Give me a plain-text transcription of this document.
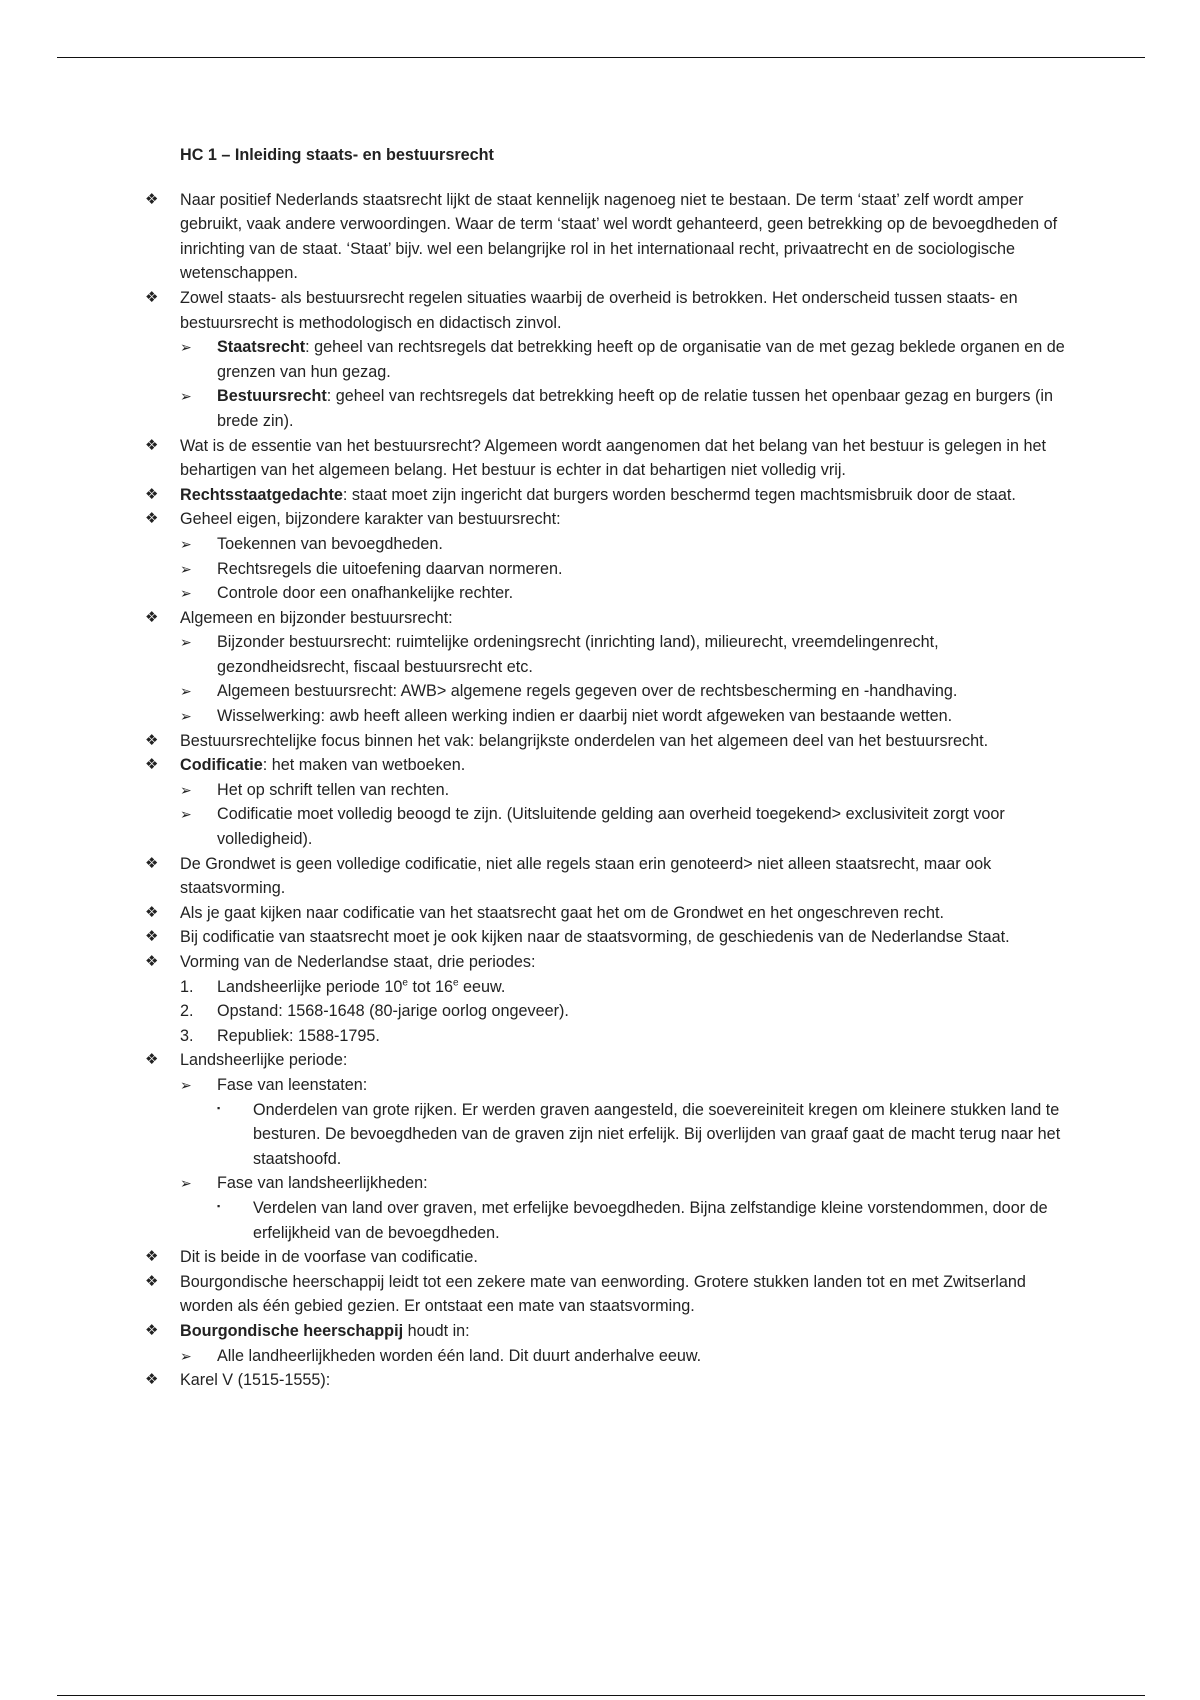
HC 1 – Inleiding staats- en bestuursrecht
❖	Naar positief Nederlands staatsrecht lijkt de staat kennelijk nagenoeg niet te bestaan. De term ‘staat’ zelf wordt amper gebruikt, vaak andere verwoordingen. Waar de term ‘staat’ wel wordt gehanteerd, geen betrekking op de bevoegdheden of inrichting van de staat. ‘Staat’ bijv. wel een belangrijke rol in het internationaal recht, privaatrecht en de sociologische wetenschappen.
❖	Zowel staats- als bestuursrecht regelen situaties waarbij de overheid is betrokken. Het onderscheid tussen staats- en bestuursrecht is methodologisch en didactisch zinvol.
➢	Staatsrecht: geheel van rechtsregels dat betrekking heeft op de organisatie van de met gezag beklede organen en de grenzen van hun gezag.
➢	Bestuursrecht: geheel van rechtsregels dat betrekking heeft op de relatie tussen het openbaar gezag en burgers (in brede zin).
❖	Wat is de essentie van het bestuursrecht? Algemeen wordt aangenomen dat het belang van het bestuur is gelegen in het behartigen van het algemeen belang. Het bestuur is echter in dat behartigen niet volledig vrij.
❖	Rechtsstaatgedachte: staat moet zijn ingericht dat burgers worden beschermd tegen machtsmisbruik door de staat.
❖	Geheel eigen, bijzondere karakter van bestuursrecht:
➢	Toekennen van bevoegdheden.
➢	Rechtsregels die uitoefening daarvan normeren.
➢	Controle door een onafhankelijke rechter.
❖	Algemeen en bijzonder bestuursrecht:
➢	Bijzonder bestuursrecht: ruimtelijke ordeningsrecht (inrichting land), milieurecht, vreemdelingenrecht, gezondheidsrecht, fiscaal bestuursrecht etc.
➢	Algemeen bestuursrecht: AWB> algemene regels gegeven over de rechtsbescherming en -handhaving.
➢	Wisselwerking: awb heeft alleen werking indien er daarbij niet wordt afgeweken van bestaande wetten.
❖	Bestuursrechtelijke focus binnen het vak: belangrijkste onderdelen van het algemeen deel van het bestuursrecht.
❖	Codificatie: het maken van wetboeken.
➢	Het op schrift tellen van rechten.
➢	Codificatie moet volledig beoogd te zijn. (Uitsluitende gelding aan overheid toegekend> exclusiviteit zorgt voor volledigheid).
❖	De Grondwet is geen volledige codificatie, niet alle regels staan erin genoteerd> niet alleen staatsrecht, maar ook staatsvorming.
❖	Als je gaat kijken naar codificatie van het staatsrecht gaat het om de Grondwet en het ongeschreven recht.
❖	Bij codificatie van staatsrecht moet je ook kijken naar de staatsvorming, de geschiedenis van de Nederlandse Staat.
❖	Vorming van de Nederlandse staat, drie periodes:
1.	Landsheerlijke periode 10e tot 16e eeuw.
2.	Opstand: 1568-1648 (80-jarige oorlog ongeveer).
3.	Republiek: 1588-1795.
❖	Landsheerlijke periode:
➢	Fase van leenstaten:
▪	Onderdelen van grote rijken. Er werden graven aangesteld, die soevereiniteit kregen om kleinere stukken land te besturen. De bevoegdheden van de graven zijn niet erfelijk. Bij overlijden van graaf gaat de macht terug naar het staatshoofd.
➢	Fase van landsheerlijkheden:
▪	Verdelen van land over graven, met erfelijke bevoegdheden. Bijna zelfstandige kleine vorstendommen, door de erfelijkheid van de bevoegdheden.
❖	Dit is beide in de voorfase van codificatie.
❖	Bourgondische heerschappij leidt tot een zekere mate van eenwording. Grotere stukken landen tot en met Zwitserland worden als één gebied gezien. Er ontstaat een mate van staatsvorming.
❖	Bourgondische heerschappij houdt in:
➢	Alle landheerlijkheden worden één land. Dit duurt anderhalve eeuw.
❖	Karel V (1515-1555):
